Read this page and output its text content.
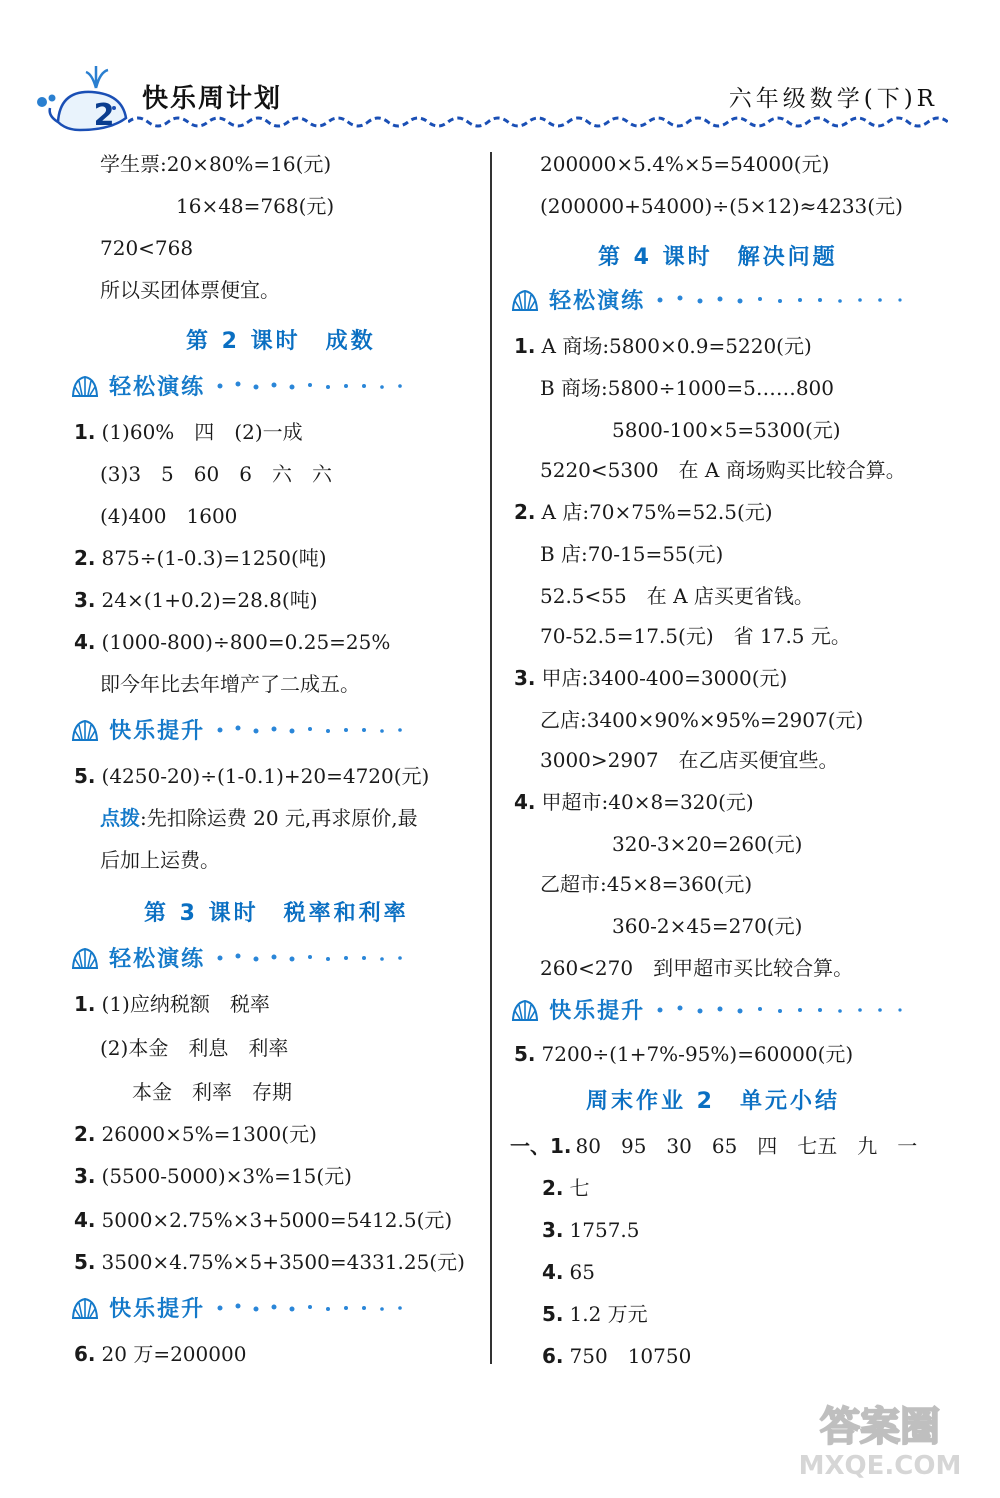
2	快乐周计划	六年级数学(下)R
学生票:20×80%=16(元)
16×48=768(元)
720<768
所以买团体票便宜。
第 2 课时　成数
轻松演练
1. (1)60%　四　(2)一成
(3)3　5　60　6　六　六
(4)400　1600
2. 875÷(1-0.3)=1250(吨)
3. 24×(1+0.2)=28.8(吨)
4. (1000-800)÷800=0.25=25%
即今年比去年增产了二成五。
快乐提升
5. (4250-20)÷(1-0.1)+20=4720(元)
点拨:先扣除运费 20 元,再求原价,最
后加上运费。
第 3 课时　税率和利率
轻松演练
1. (1)应纳税额　税率
(2)本金　利息　利率
本金　利率　存期
2. 26000×5%=1300(元)
3. (5500-5000)×3%=15(元)
4. 5000×2.75%×3+5000=5412.5(元)
5. 3500×4.75%×5+3500=4331.25(元)
快乐提升
6. 20 万=200000
200000×5.4%×5=54000(元)
(200000+54000)÷(5×12)≈4233(元)
第 4 课时　解决问题
轻松演练
1. A 商场:5800×0.9=5220(元)
B 商场:5800÷1000=5……800
5800-100×5=5300(元)
5220<5300　在 A 商场购买比较合算。
2. A 店:70×75%=52.5(元)
B 店:70-15=55(元)
52.5<55　在 A 店买更省钱。
70-52.5=17.5(元)　省 17.5 元。
3. 甲店:3400-400=3000(元)
乙店:3400×90%×95%=2907(元)
3000>2907　在乙店买便宜些。
4. 甲超市:40×8=320(元)
320-3×20=260(元)
乙超市:45×8=360(元)
360-2×45=270(元)
260<270　到甲超市买比较合算。
快乐提升
5. 7200÷(1+7%-95%)=60000(元)
周末作业 2　单元小结
一、1. 80　95　30　65　四　七五　九　一
2. 七
3. 1757.5
4. 65
5. 1.2 万元
6. 750　10750
答案圈
MXQE.COM
